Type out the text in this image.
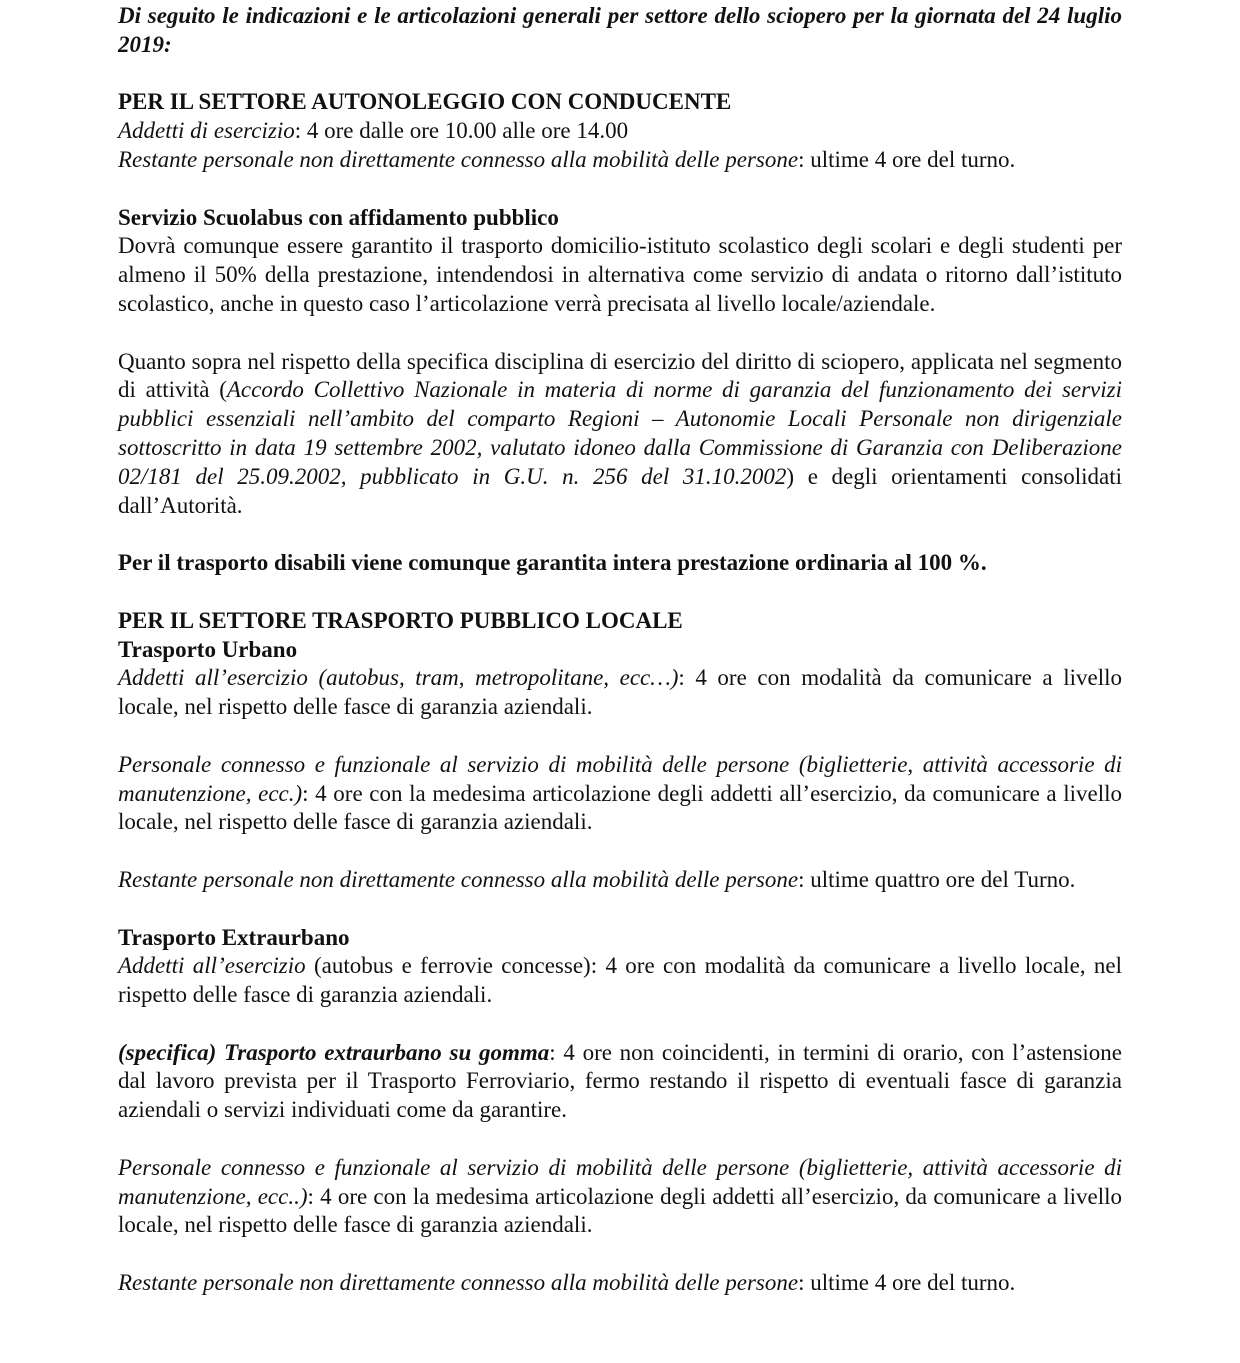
Di seguito le indicazioni e le articolazioni generali per settore dello sciopero per la giornata del 24 luglio 2019:

PER IL SETTORE AUTONOLEGGIO CON CONDUCENTE

Addetti di esercizio: 4 ore dalle ore 10.00 alle ore 14.00

Restante personale non direttamente connesso alla mobilità delle persone: ultime 4 ore del turno.

Servizio Scuolabus con affidamento pubblico

Dovrà comunque essere garantito il trasporto domicilio-istituto scolastico degli scolari e degli studenti per almeno il 50% della prestazione, intendendosi in alternativa come servizio di andata o ritorno dall’istituto scolastico, anche in questo caso l’articolazione verrà precisata al livello locale/aziendale.

Quanto sopra nel rispetto della specifica disciplina di esercizio del diritto di sciopero, applicata nel segmento di attività (Accordo Collettivo Nazionale in materia di norme di garanzia del funzionamento dei servizi pubblici essenziali nell’ambito del comparto Regioni – Autonomie Locali Personale non dirigenziale sottoscritto in data 19 settembre 2002, valutato idoneo dalla Commissione di Garanzia con Deliberazione 02/181 del 25.09.2002, pubblicato in G.U. n. 256 del 31.10.2002) e degli orientamenti consolidati dall’Autorità.

Per il trasporto disabili viene comunque garantita intera prestazione ordinaria al 100 %.

PER IL SETTORE TRASPORTO PUBBLICO LOCALE

Trasporto Urbano

Addetti all’esercizio (autobus, tram, metropolitane, ecc…): 4 ore con modalità da comunicare a livello locale, nel rispetto delle fasce di garanzia aziendali.

Personale connesso e funzionale al servizio di mobilità delle persone (biglietterie, attività accessorie di manutenzione, ecc.): 4 ore con la medesima articolazione degli addetti all’esercizio, da comunicare a livello locale, nel rispetto delle fasce di garanzia aziendali.

Restante personale non direttamente connesso alla mobilità delle persone: ultime quattro ore del Turno.

Trasporto Extraurbano

Addetti all’esercizio (autobus e ferrovie concesse): 4 ore con modalità da comunicare a livello locale, nel rispetto delle fasce di garanzia aziendali.

(specifica) Trasporto extraurbano su gomma: 4 ore non coincidenti, in termini di orario, con l’astensione dal lavoro prevista per il Trasporto Ferroviario, fermo restando il rispetto di eventuali fasce di garanzia aziendali o servizi individuati come da garantire.

Personale connesso e funzionale al servizio di mobilità delle persone (biglietterie, attività accessorie di manutenzione, ecc..): 4 ore con la medesima articolazione degli addetti all’esercizio, da comunicare a livello locale, nel rispetto delle fasce di garanzia aziendali.

Restante personale non direttamente connesso alla mobilità delle persone: ultime 4 ore del turno.
